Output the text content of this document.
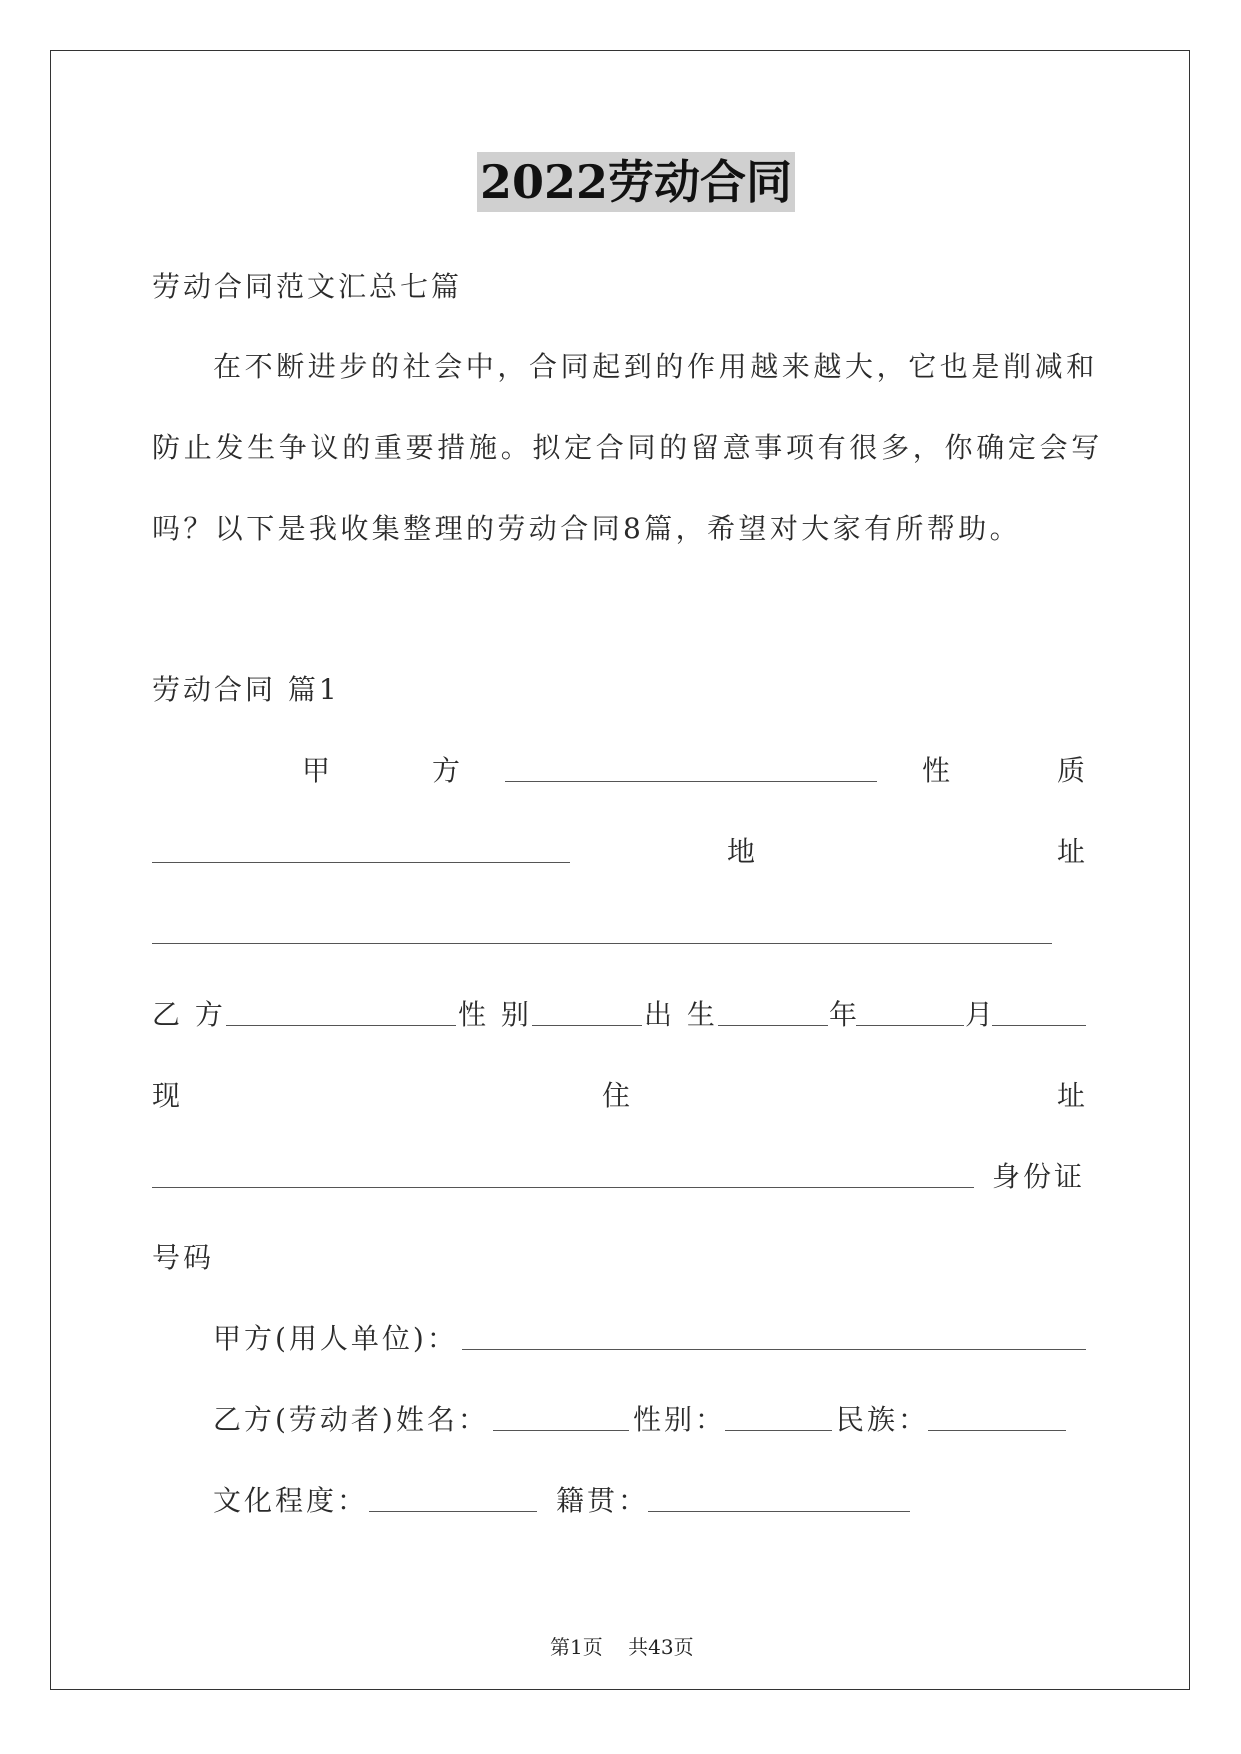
2022劳动合同
劳动合同范文汇总七篇
在不断进步的社会中，合同起到的作用越来越大，它也是削减和
防止发生争议的重要措施。拟定合同的留意事项有很多，你确定会写
吗？以下是我收集整理的劳动合同8篇，希望对大家有所帮助。
劳动合同 篇1
甲	方	性	质
地	址
乙 方	性 别	出 生	年	月
现	住	址
身份证
号码
甲方(用人单位)：
乙方(劳动者)姓名：	性别：	民族：
文化程度：	籍贯：
第1页 共43页
